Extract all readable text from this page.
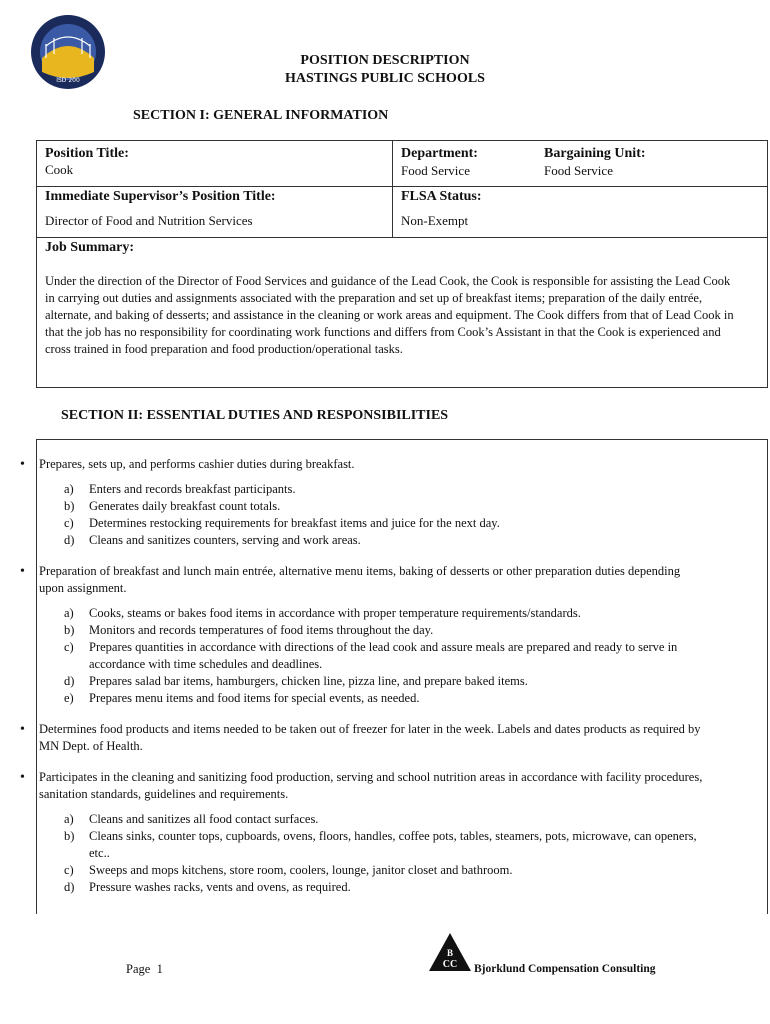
ISD 200
POSITION DESCRIPTION
HASTINGS PUBLIC SCHOOLS
SECTION I: GENERAL INFORMATION
Position Title:
Cook
Department:
Food Service
Bargaining Unit:
Food Service
Immediate Supervisor’s Position Title:
Director of Food and Nutrition Services
FLSA Status:
Non-Exempt
Job Summary:
Under the direction of the Director of Food Services and guidance of the Lead Cook, the Cook is responsible for assisting the Lead Cook in carrying out duties and assignments associated with the preparation and set up of breakfast items; preparation of the daily entrée, alternate, and baking of desserts; and assistance in the cleaning or work areas and equipment. The Cook differs from that of Lead Cook in that the job has no responsibility for coordinating work functions and differs from Cook’s Assistant in that the Cook is experienced and cross trained in food preparation and food production/operational tasks.
SECTION II: ESSENTIAL DUTIES AND RESPONSIBILITIES
• Prepares, sets up, and performs cashier duties during breakfast.
a) Enters and records breakfast participants.
b) Generates daily breakfast count totals.
c) Determines restocking requirements for breakfast items and juice for the next day.
d) Cleans and sanitizes counters, serving and work areas.
• Preparation of breakfast and lunch main entrée, alternative menu items, baking of desserts or other preparation duties depending upon assignment.
a) Cooks, steams or bakes food items in accordance with proper temperature requirements/standards.
b) Monitors and records temperatures of food items throughout the day.
c) Prepares quantities in accordance with directions of the lead cook and assure meals are prepared and ready to serve in accordance with time schedules and deadlines.
d) Prepares salad bar items, hamburgers, chicken line, pizza line, and prepare baked items.
e) Prepares menu items and food items for special events, as needed.
• Determines food products and items needed to be taken out of freezer for later in the week. Labels and dates products as required by MN Dept. of Health.
• Participates in the cleaning and sanitizing food production, serving and school nutrition areas in accordance with facility procedures, sanitation standards, guidelines and requirements.
a) Cleans and sanitizes all food contact surfaces.
b) Cleans sinks, counter tops, cupboards, ovens, floors, handles, coffee pots, tables, steamers, pots, microwave, can openers, etc..
c) Sweeps and mops kitchens, store room, coolers, lounge, janitor closet and bathroom.
d) Pressure washes racks, vents and ovens, as required.
Page 1
B
CC Bjorklund Compensation Consulting
